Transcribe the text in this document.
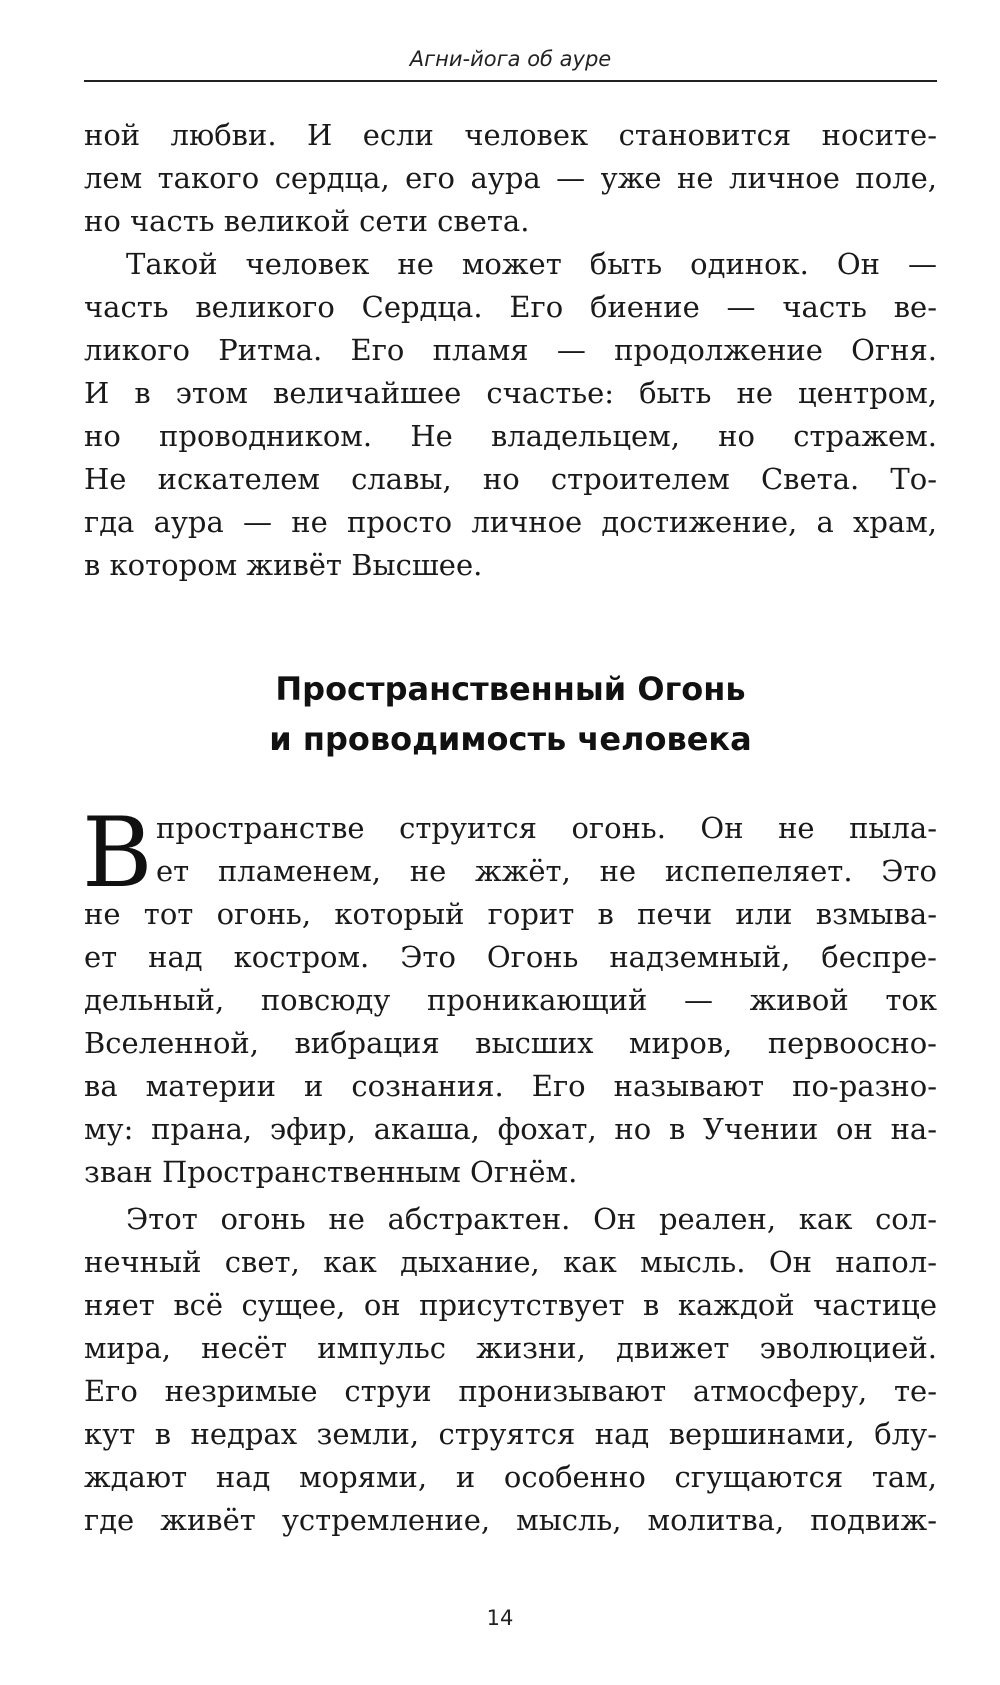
Агни-йога об ауре
ной любви. И если человек становится носите-
лем такого сердца, его аура — уже не личное поле,
но часть великой сети света.
Такой человек не может быть одинок. Он —
часть великого Сердца. Его биение — часть ве-
ликого Ритма. Его пламя — продолжение Огня.
И в этом величайшее счастье: быть не центром,
но проводником. Не владельцем, но стражем.
Не искателем славы, но строителем Света. То-
гда аура — не просто личное достижение, а храм,
в котором живёт Высшее.
Пространственный Огонь
и проводимость человека
В пространстве струится огонь. Он не пыла-
ет пламенем, не жжёт, не испепеляет. Это
не тот огонь, который горит в печи или взмыва-
ет над костром. Это Огонь надземный, беспре-
дельный, повсюду проникающий — живой ток
Вселенной, вибрация высших миров, первооснo-
ва материи и сознания. Его называют по-разно-
му: прана, эфир, акаша, фохат, но в Учении он на-
зван Пространственным Огнём.
Этот огонь не абстрактен. Он реален, как сол-
нечный свет, как дыхание, как мысль. Он напол-
няет всё сущее, он присутствует в каждой частице
мира, несёт импульс жизни, движет эволюцией.
Его незримые струи пронизывают атмосферу, те-
кут в недрах земли, струятся над вершинами, блу-
ждают над морями, и особенно сгущаются там,
где живёт устремление, мысль, молитва, подвиж-
14
